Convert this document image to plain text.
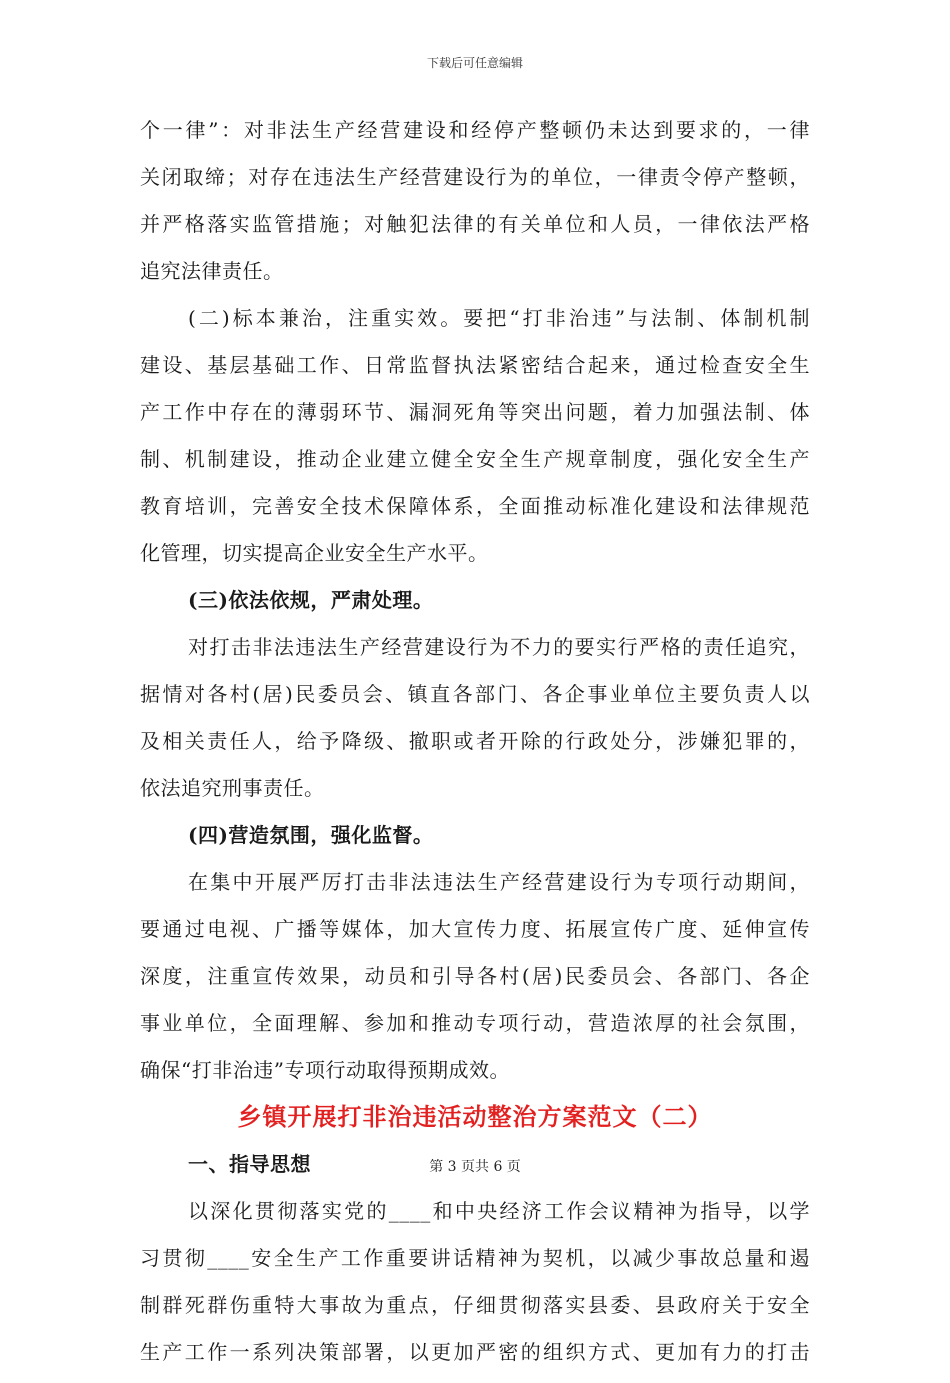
下载后可任意编辑
个一律”：对非法生产经营建设和经停产整顿仍未达到要求的，一律
关闭取缔；对存在违法生产经营建设行为的单位，一律责令停产整顿，
并严格落实监管措施；对触犯法律的有关单位和人员，一律依法严格
追究法律责任。
(二)标本兼治，注重实效。要把“打非治违”与法制、体制机制
建设、基层基础工作、日常监督执法紧密结合起来，通过检查安全生
产工作中存在的薄弱环节、漏洞死角等突出问题，着力加强法制、体
制、机制建设，推动企业建立健全安全生产规章制度，强化安全生产
教育培训，完善安全技术保障体系，全面推动标准化建设和法律规范
化管理，切实提高企业安全生产水平。
(三)依法依规，严肃处理。
对打击非法违法生产经营建设行为不力的要实行严格的责任追究，
据情对各村(居)民委员会、镇直各部门、各企事业单位主要负责人以
及相关责任人，给予降级、撤职或者开除的行政处分，涉嫌犯罪的，
依法追究刑事责任。
(四)营造氛围，强化监督。
在集中开展严厉打击非法违法生产经营建设行为专项行动期间，
要通过电视、广播等媒体，加大宣传力度、拓展宣传广度、延伸宣传
深度，注重宣传效果，动员和引导各村(居)民委员会、各部门、各企
事业单位，全面理解、参加和推动专项行动，营造浓厚的社会氛围，
确保“打非治违”专项行动取得预期成效。
乡镇开展打非治违活动整治方案范文（二）
一、指导思想
以深化贯彻落实党的____和中央经济工作会议精神为指导，以学
习贯彻____安全生产工作重要讲话精神为契机，以减少事故总量和遏
制群死群伤重特大事故为重点，仔细贯彻落实县委、县政府关于安全
生产工作一系列决策部署，以更加严密的组织方式、更加有力的打击
第 3 页共 6 页
